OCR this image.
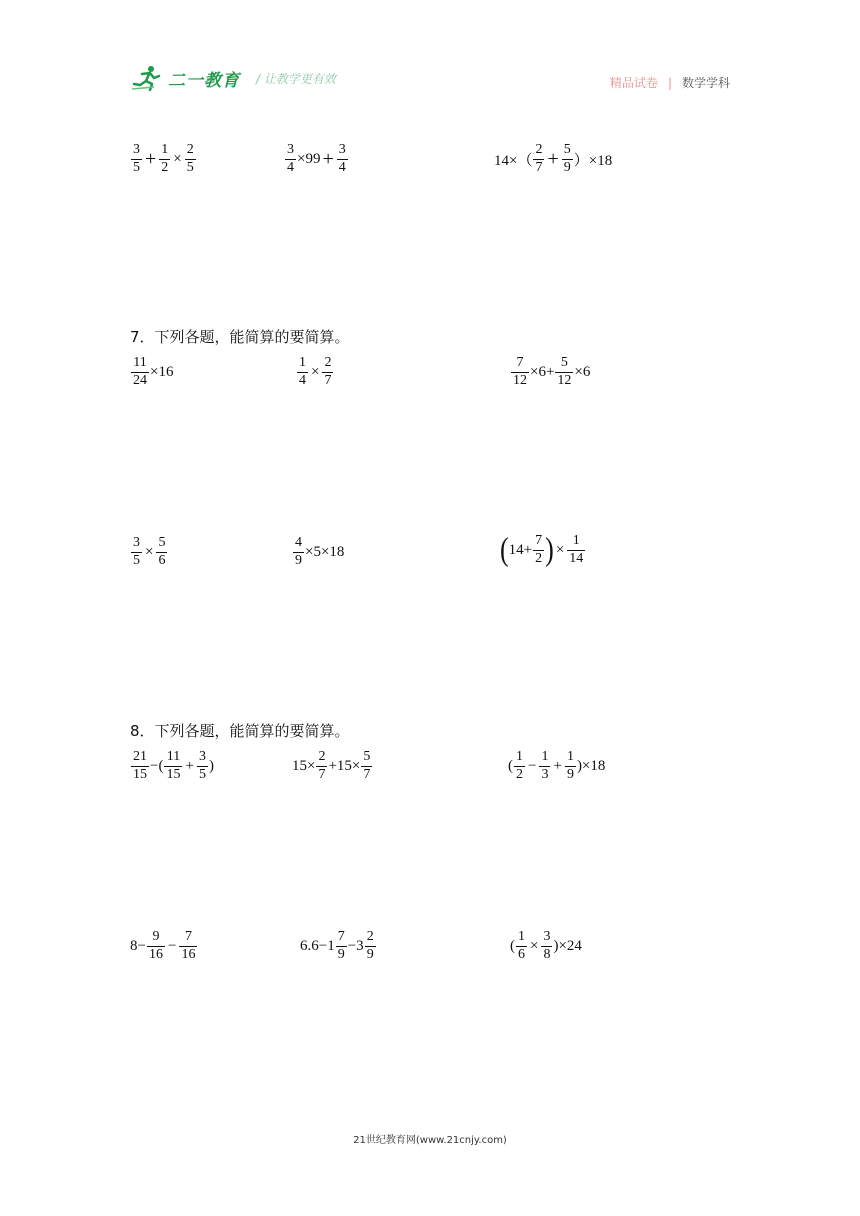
二一教育 / 让教学更有效	精品试卷 | 数学学科
$\frac{3}{5} + \frac{1}{2} \times \frac{2}{5}$	$\frac{3}{4} \times 99 + \frac{3}{4}$	$14\times( \frac{2}{7} + \frac{5}{9} )\times 18$
7．下列各题，能简算的要简算。
$\frac{11}{24} \times 16$	$\frac{1}{4} \times \frac{2}{7}$	$\frac{7}{12} \times 6+ \frac{5}{12} \times 6$
$\frac{3}{5} \times \frac{5}{6}$	$\frac{4}{9} \times 5\times 18$	( $14+ \frac{7}{2}$ ) × $\frac{1}{14}$
8．下列各题，能简算的要简算。
$\frac{21}{15}$ −( $\frac{11}{15} + \frac{3}{5}$ )	$15\times \frac{2}{7} +15\times \frac{5}{7}$	( $\frac{1}{2} - \frac{1}{3} + \frac{1}{9} )\times 18$
$8- \frac{9}{16} - \frac{7}{16}$	$6.6-1 \frac{7}{9} -3 \frac{2}{9}$	( $\frac{1}{6} \times \frac{3}{8} )\times 24$
21世纪教育网(www.21cnjy.com)
